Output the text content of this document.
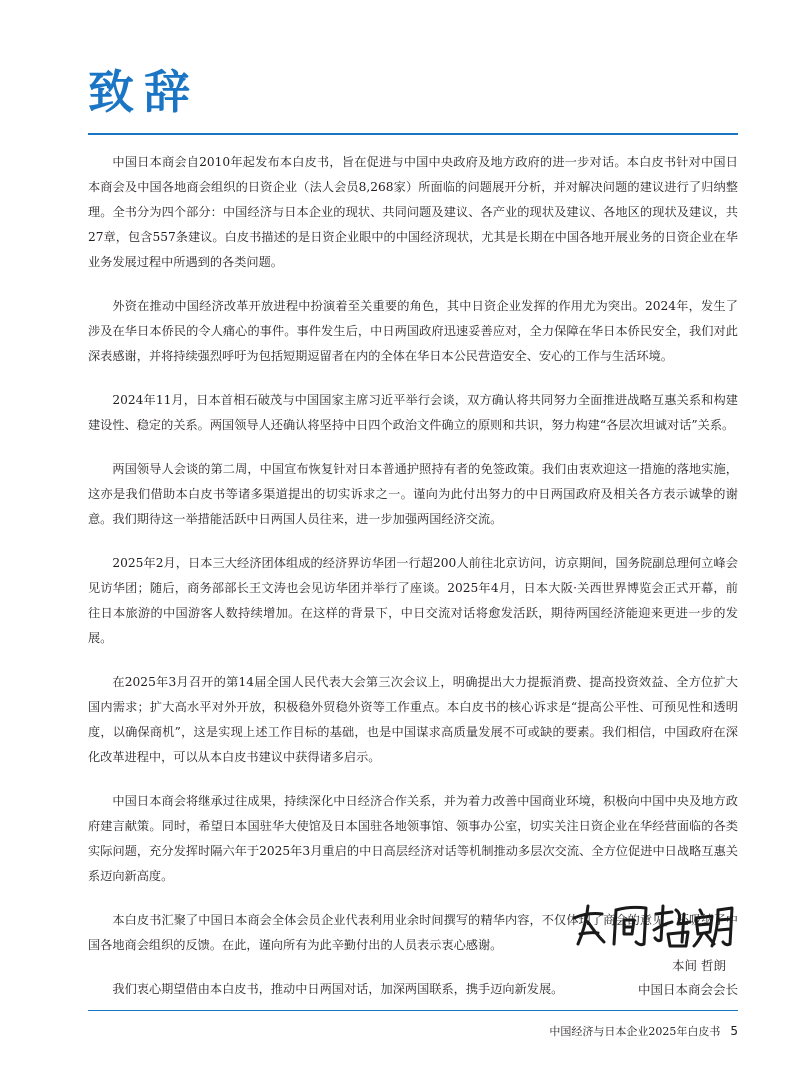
致辞

中国日本商会自2010年起发布本白皮书，旨在促进与中国中央政府及地方政府的进一步对话。本白皮书针对中国日本商会及中国各地商会组织的日资企业（法人会员8,268家）所面临的问题展开分析，并对解决问题的建议进行了归纳整理。全书分为四个部分：中国经济与日本企业的现状、共同问题及建议、各产业的现状及建议、各地区的现状及建议，共27章，包含557条建议。白皮书描述的是日资企业眼中的中国经济现状，尤其是长期在中国各地开展业务的日资企业在华业务发展过程中所遇到的各类问题。

外资在推动中国经济改革开放进程中扮演着至关重要的角色，其中日资企业发挥的作用尤为突出。2024年，发生了涉及在华日本侨民的令人痛心的事件。事件发生后，中日两国政府迅速妥善应对，全力保障在华日本侨民安全，我们对此深表感谢，并将持续强烈呼吁为包括短期逗留者在内的全体在华日本公民营造安全、安心的工作与生活环境。

2024年11月，日本首相石破茂与中国国家主席习近平举行会谈，双方确认将共同努力全面推进战略互惠关系和构建建设性、稳定的关系。两国领导人还确认将坚持中日四个政治文件确立的原则和共识，努力构建“各层次坦诚对话”关系。

两国领导人会谈的第二周，中国宣布恢复针对日本普通护照持有者的免签政策。我们由衷欢迎这一措施的落地实施，这亦是我们借助本白皮书等诸多渠道提出的切实诉求之一。谨向为此付出努力的中日两国政府及相关各方表示诚挚的谢意。我们期待这一举措能活跃中日两国人员往来，进一步加强两国经济交流。

2025年2月，日本三大经济团体组成的经济界访华团一行超200人前往北京访问，访京期间，国务院副总理何立峰会见访华团；随后，商务部部长王文涛也会见访华团并举行了座谈。2025年4月，日本大阪·关西世界博览会正式开幕，前往日本旅游的中国游客人数持续增加。在这样的背景下，中日交流对话将愈发活跃，期待两国经济能迎来更进一步的发展。

在2025年3月召开的第14届全国人民代表大会第三次会议上，明确提出大力提振消费、提高投资效益、全方位扩大国内需求；扩大高水平对外开放，积极稳外贸稳外资等工作重点。本白皮书的核心诉求是“提高公平性、可预见性和透明度，以确保商机”，这是实现上述工作目标的基础，也是中国谋求高质量发展不可或缺的要素。我们相信，中国政府在深化改革进程中，可以从本白皮书建议中获得诸多启示。

中国日本商会将继承过往成果，持续深化中日经济合作关系，并为着力改善中国商业环境，积极向中国中央及地方政府建言献策。同时，希望日本国驻华大使馆及日本国驻各地领事馆、领事办公室，切实关注日资企业在华经营面临的各类实际问题，充分发挥时隔六年于2025年3月重启的中日高层经济对话等机制推动多层次交流、全方位促进中日战略互惠关系迈向新高度。

本白皮书汇聚了中国日本商会全体会员企业代表利用业余时间撰写的精华内容，不仅体现了商会的意见，还吸纳了中国各地商会组织的反馈。在此，谨向所有为此辛勤付出的人员表示衷心感谢。

我们衷心期望借由本白皮书，推动中日两国对话，加深两国联系，携手迈向新发展。

本间 哲朗
中国日本商会会长
中国经济与日本企业2025年白皮书 5
